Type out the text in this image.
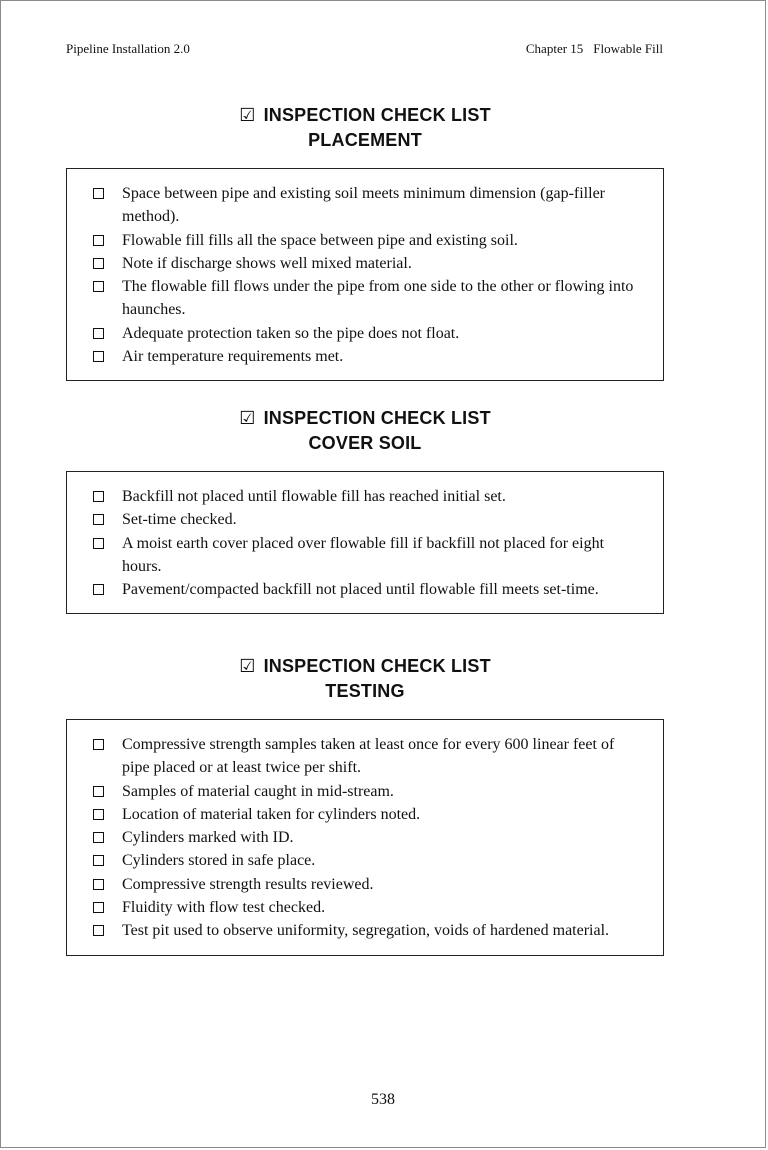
Pipeline Installation 2.0	Chapter 15 Flowable Fill
☑ INSPECTION CHECK LIST
PLACEMENT
Space between pipe and existing soil meets minimum dimension (gap-filler method).
Flowable fill fills all the space between pipe and existing soil.
Note if discharge shows well mixed material.
The flowable fill flows under the pipe from one side to the other or flowing into haunches.
Adequate protection taken so the pipe does not float.
Air temperature requirements met.
☑ INSPECTION CHECK LIST
COVER SOIL
Backfill not placed until flowable fill has reached initial set.
Set-time checked.
A moist earth cover placed over flowable fill if backfill not placed for eight hours.
Pavement/compacted backfill not placed until flowable fill meets set-time.
☑ INSPECTION CHECK LIST
TESTING
Compressive strength samples taken at least once for every 600 linear feet of pipe placed or at least twice per shift.
Samples of material caught in mid-stream.
Location of material taken for cylinders noted.
Cylinders marked with ID.
Cylinders stored in safe place.
Compressive strength results reviewed.
Fluidity with flow test checked.
Test pit used to observe uniformity, segregation, voids of hardened material.
538
